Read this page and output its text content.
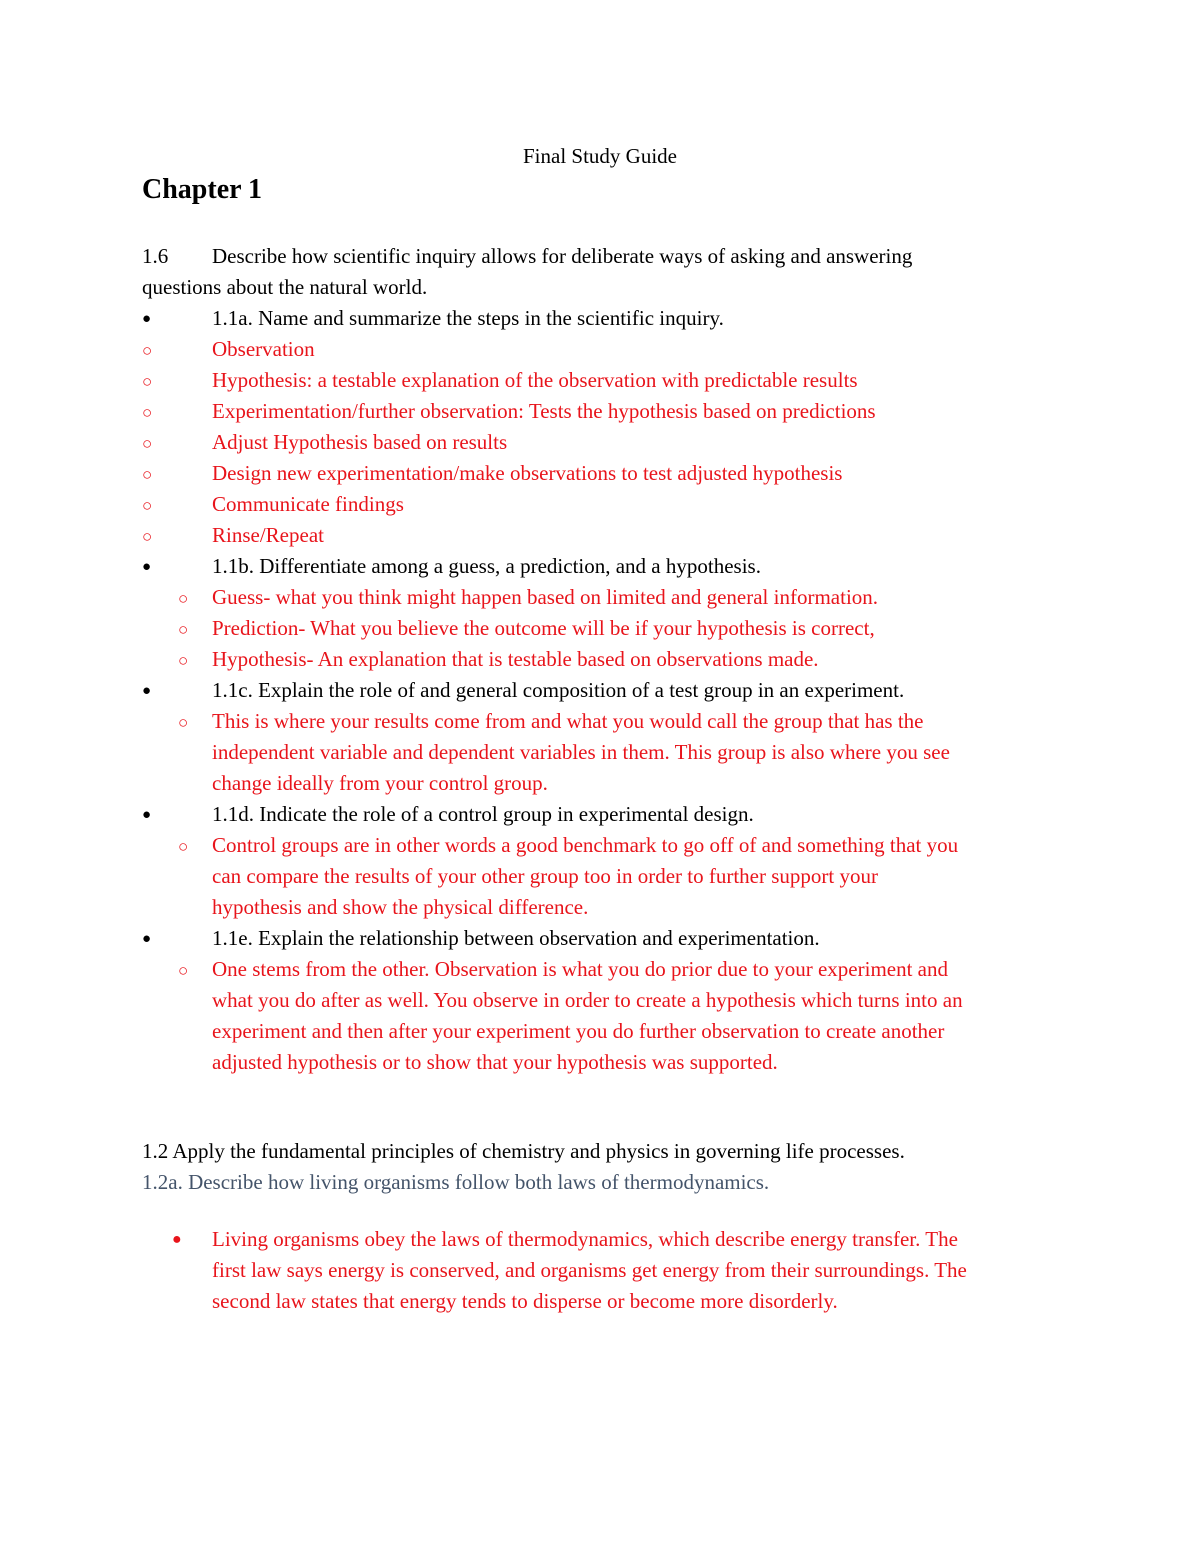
Final Study Guide
Chapter 1
1.6 Describe how scientific inquiry allows for deliberate ways of asking and answering
questions about the natural world.
●	1.1a. Name and summarize the steps in the scientific inquiry.
○	Observation
○	Hypothesis: a testable explanation of the observation with predictable results
○	Experimentation/further observation: Tests the hypothesis based on predictions
○	Adjust Hypothesis based on results
○	Design new experimentation/make observations to test adjusted hypothesis
○	Communicate findings
○	Rinse/Repeat
●	1.1b. Differentiate among a guess, a prediction, and a hypothesis.
○ Guess- what you think might happen based on limited and general information.
○ Prediction- What you believe the outcome will be if your hypothesis is correct,
○ Hypothesis- An explanation that is testable based on observations made.
●	1.1c. Explain the role of and general composition of a test group in an experiment.
○ This is where your results come from and what you would call the group that has the
independent variable and dependent variables in them. This group is also where you see
change ideally from your control group.
●	1.1d. Indicate the role of a control group in experimental design.
○ Control groups are in other words a good benchmark to go off of and something that you
can compare the results of your other group too in order to further support your
hypothesis and show the physical difference.
●	1.1e. Explain the relationship between observation and experimentation.
○ One stems from the other. Observation is what you do prior due to your experiment and
what you do after as well. You observe in order to create a hypothesis which turns into an
experiment and then after your experiment you do further observation to create another
adjusted hypothesis or to show that your hypothesis was supported.
1.2 Apply the fundamental principles of chemistry and physics in governing life processes.
1.2a. Describe how living organisms follow both laws of thermodynamics.
● Living organisms obey the laws of thermodynamics, which describe energy transfer. The
first law says energy is conserved, and organisms get energy from their surroundings. The
second law states that energy tends to disperse or become more disorderly.
